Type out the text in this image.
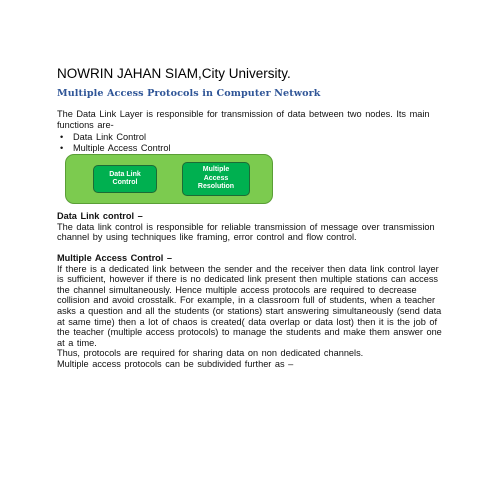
NOWRIN JAHAN SIAM,City University.

Multiple Access Protocols in Computer Network

The Data Link Layer is responsible for transmission of data between two nodes. Its main functions are-

• Data Link Control
• Multiple Access Control
Data Link
Control
Multiple
Access
Resolution
Data Link control –
The data link control is responsible for reliable transmission of message over transmission channel by using techniques like framing, error control and flow control.
Multiple Access Control –
If there is a dedicated link between the sender and the receiver then data link control layer is sufficient, however if there is no dedicated link present then multiple stations can access the channel simultaneously. Hence multiple access protocols are required to decrease collision and avoid crosstalk. For example, in a classroom full of students, when a teacher asks a question and all the students (or stations) start answering simultaneously (send data at same time) then a lot of chaos is created( data overlap or data lost) then it is the job of the teacher (multiple access protocols) to manage the students and make them answer one at a time.
Thus, protocols are required for sharing data on non dedicated channels.
Multiple access protocols can be subdivided further as –
